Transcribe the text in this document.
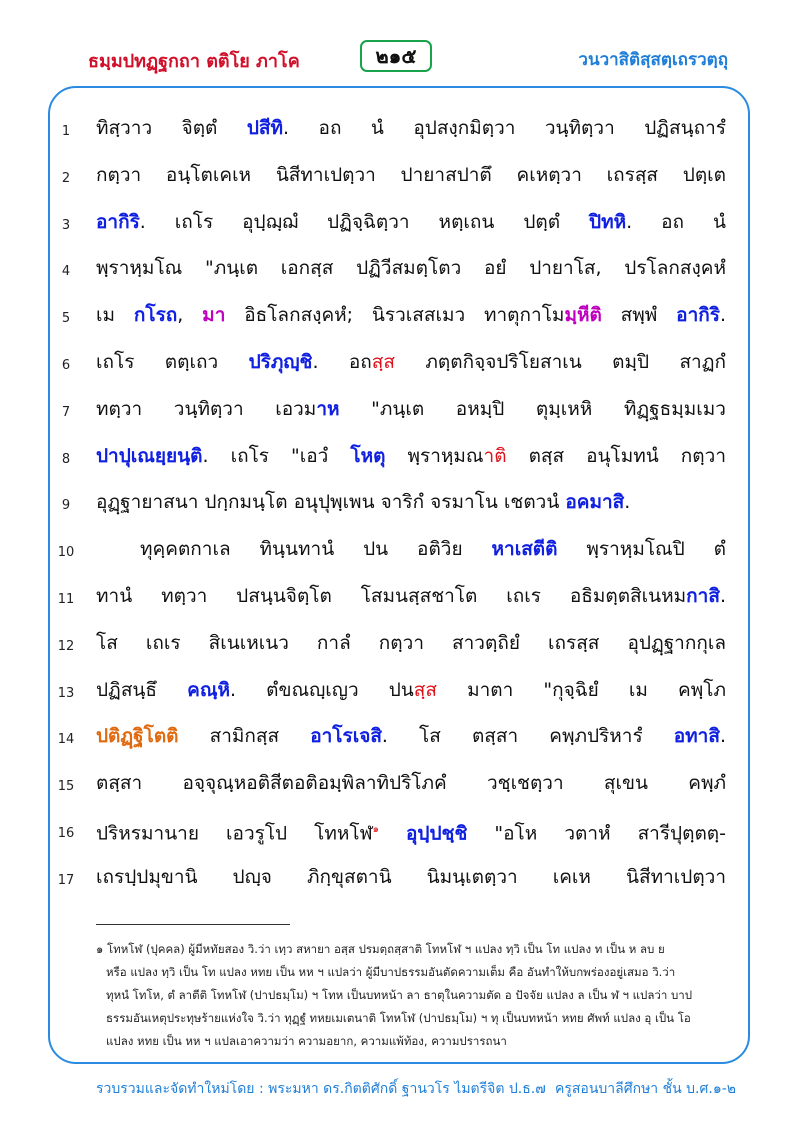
ธมฺมปทฏฺฐกถา ตติโย ภาโค	๒๑๕	วนวาสิติสฺสตฺเถรวตฺถุ
1	ทิสฺวาว จิตฺตํ ปสีทิ. อถ นํ อุปสงฺกมิตฺวา วนฺทิตฺวา ปฏิสนฺถารํ
2	กตฺวา อนฺโตเคเห นิสีทาเปตฺวา ปายาสปาตึ คเหตฺวา เถรสฺส ปตฺเต
3	อากิริ. เถโร อุปฺฌฺฌํ ปฏิจฺฉิตฺวา หตฺเถน ปตฺตํ ปิทหิ. อถ นํ
4	พฺราหฺมโณ "ภนฺเต เอกสฺส ปฏิวีสมตฺโตว อยํ ปายาโส, ปรโลกสงฺคหํ
5	เม กโรถ, มา อิธโลกสงฺคหํ; นิรวเสสเมว ทาตุกาโมมฺหีติ สพฺพํ อากิริ.
6	เถโร ตตฺเถว ปริภุญฺชิ. อถสฺส ภตฺตกิจฺจปริโยสาเน ตมฺปิ สาฏกํ
7	ทตฺวา วนฺทิตฺวา เอวมาห "ภนฺเต อหมฺปิ ตุมฺเหหิ ทิฏฺฐธมฺมเมว
8	ปาปุเณยฺยนฺติ. เถโร "เอวํ โหตุ พฺราหฺมณาติ ตสฺส อนุโมทนํ กตฺวา
9	อุฏฺฐายาสนา ปกฺกมนฺโต อนุปุพฺเพน จาริกํ จรมาโน เชตวนํ อคมาสิ.
10	ทุคฺคตกาเล ทินฺนทานํ ปน อติวิย หาเสตีติ พฺราหฺมโณปิ ตํ
11 ทานํ ทตฺวา ปสนฺนจิตฺโต โสมนสฺสชาโต เถเร อธิมตฺตสิเนหมกาสิ.
12 โส เถเร สิเนเหเนว กาลํ กตฺวา สาวตฺถิยํ เถรสฺส อุปฏฺฐากกุเล
13 ปฏิสนฺธึ คณฺหิ. ตํขณญฺเญว ปนสฺส มาตา "กุจฺฉิยํ เม คพฺโภ
14 ปติฏฺฐิโตติ สามิกสฺส อาโรเจสิ. โส ตสฺสา คพฺภปริหารํ อทาสิ.
15 ตสฺสา อจฺจุณฺหอติสีตอติอมฺพิลาทิปริโภคํ วชฺเชตฺวา สุเขน คพฺภํ
16 ปริหรมานาย เอวรูโป โทหโฬ$^๑$ อุปฺปชฺชิ "อโห วตาหํ สารีปุตฺตตฺ-
17 เถรปฺปมุขานิ ปญฺจ ภิกฺขุสตานิ นิมนฺเตตฺวา เคเห นิสีทาเปตฺวา

๑ โทหโฬ (ปุคคล) ผู้มีหทัยสอง วิ.ว่า เทฺว สหายา อสฺส ปรมตฺถสฺสาติ โทหโฬ ฯ แปลง ทฺวิ เป็น โท แปลง ท เป็น ห ลบ ย

หรือ แปลง ทฺวิ เป็น โท แปลง หทย เป็น หห ฯ แปลว่า ผู้มีบาปธรรมอันตัดความเต็ม คือ อันทำให้บกพร่องอยู่เสมอ วิ.ว่า

ทุหนํ โทโห, ตํ ลาตีติ โทหโฬ (ปาปธมฺโม) ฯ โทห เป็นบทหน้า ลา ธาตุในความตัด อ ปัจจัย แปลง ล เป็น ฬ ฯ แปลว่า บาป

ธรรมอันเหตุประทุษร้ายแห่งใจ วิ.ว่า ทุฏฺฐํ ทหยเมเตนาติ โทหโฬ (ปาปธมฺโม) ฯ ทุ เป็นบทหน้า หทย ศัพท์ แปลง อุ เป็น โอ

แปลง หทย เป็น หห ฯ แปลเอาความว่า ความอยาก, ความแพ้ท้อง, ความปรารถนา

รวบรวมและจัดทำใหม่โดย : พระมหา ดร.กิตติศักดิ์ ฐานวโร ไมตรีจิต ป.ธ.๗ ครูสอนบาลีศึกษา ชั้น บ.ศ.๑-๒
